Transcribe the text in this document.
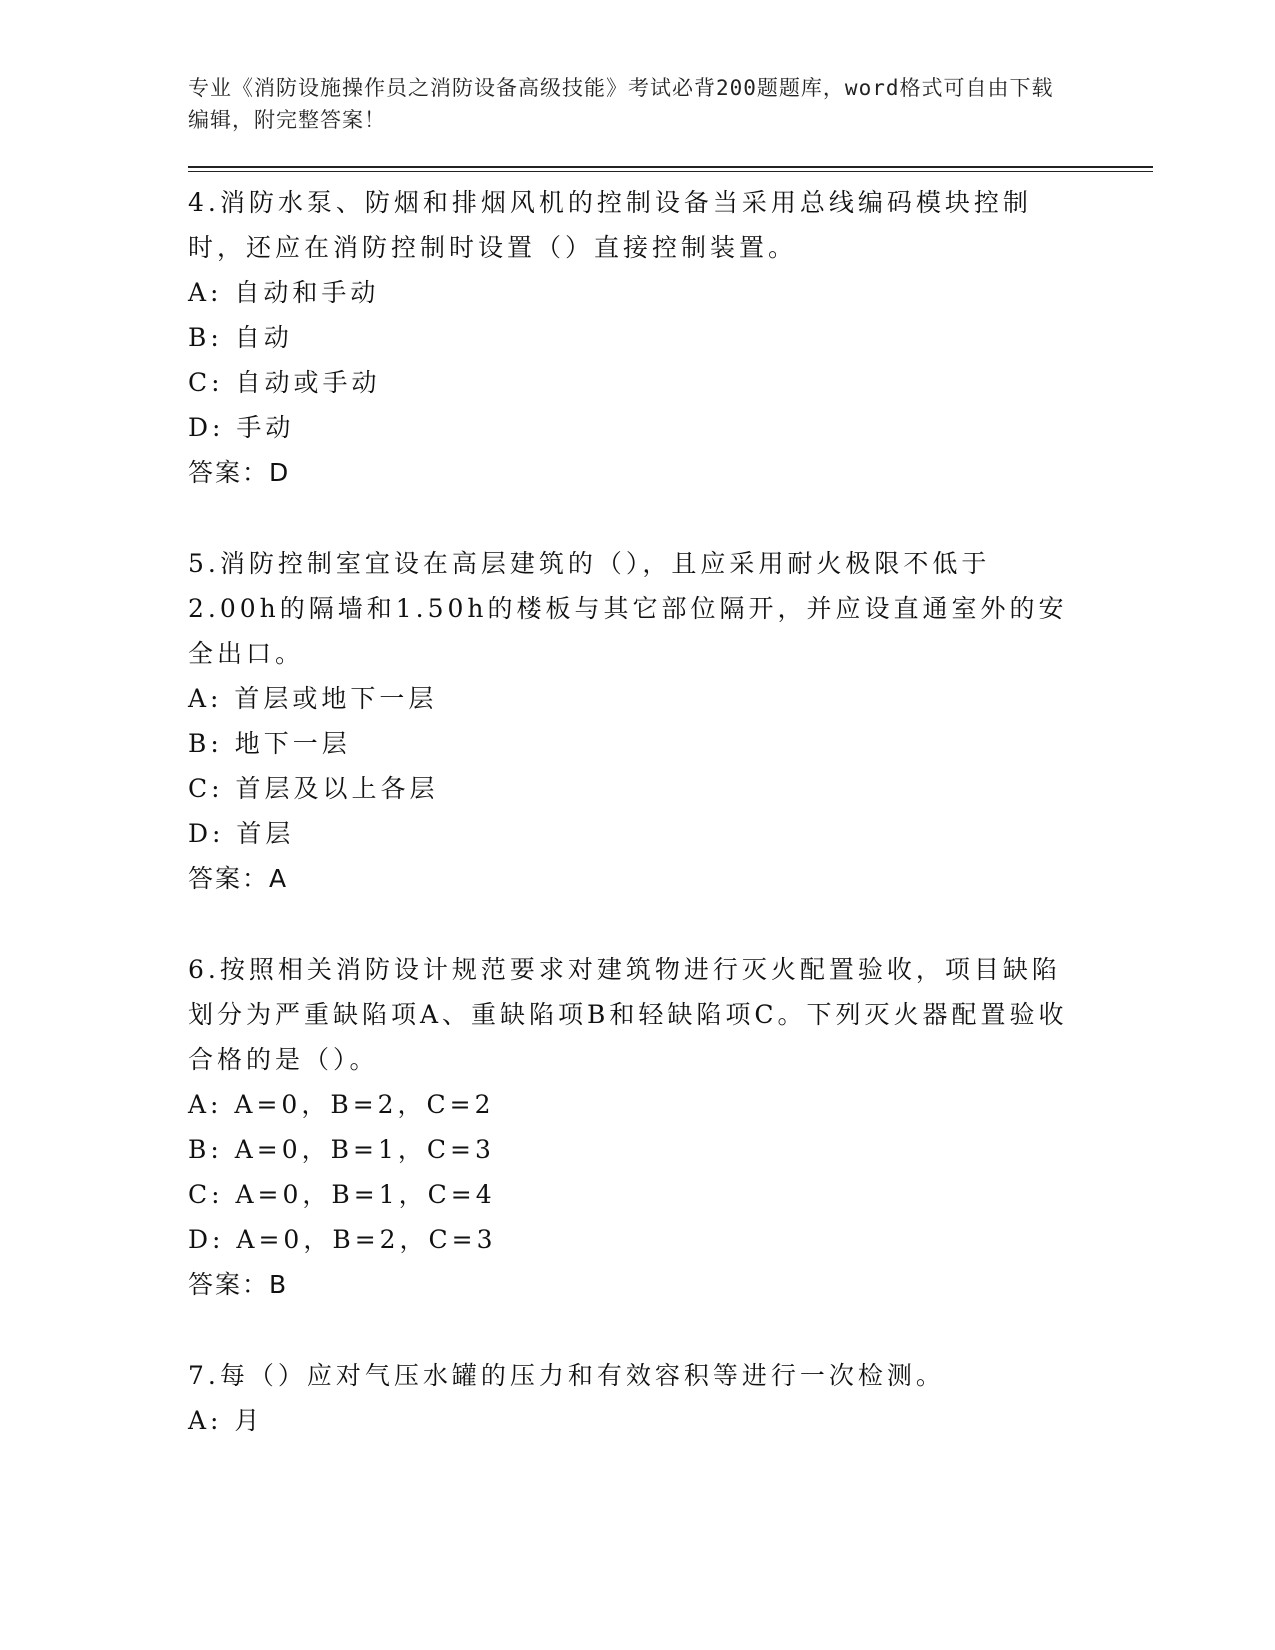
专业《消防设施操作员之消防设备高级技能》考试必背200题题库，word格式可自由下载编辑，附完整答案！

4.消防水泵、防烟和排烟风机的控制设备当采用总线编码模块控制时，还应在消防控制时设置（）直接控制装置。

A: 自动和手动
B: 自动
C: 自动或手动
D: 手动
答案：D

5.消防控制室宜设在高层建筑的（），且应采用耐火极限不低于2.00h的隔墙和1.50h的楼板与其它部位隔开，并应设直通室外的安全出口。

A: 首层或地下一层
B: 地下一层
C: 首层及以上各层
D: 首层
答案：A

6.按照相关消防设计规范要求对建筑物进行灭火配置验收，项目缺陷划分为严重缺陷项A、重缺陷项B和轻缺陷项C。下列灭火器配置验收合格的是（）。

A: A=0，B=2，C=2
B: A=0，B=1，C=3
C: A=0，B=1，C=4
D: A=0，B=2，C=3
答案：B

7.每（）应对气压水罐的压力和有效容积等进行一次检测。

A: 月
